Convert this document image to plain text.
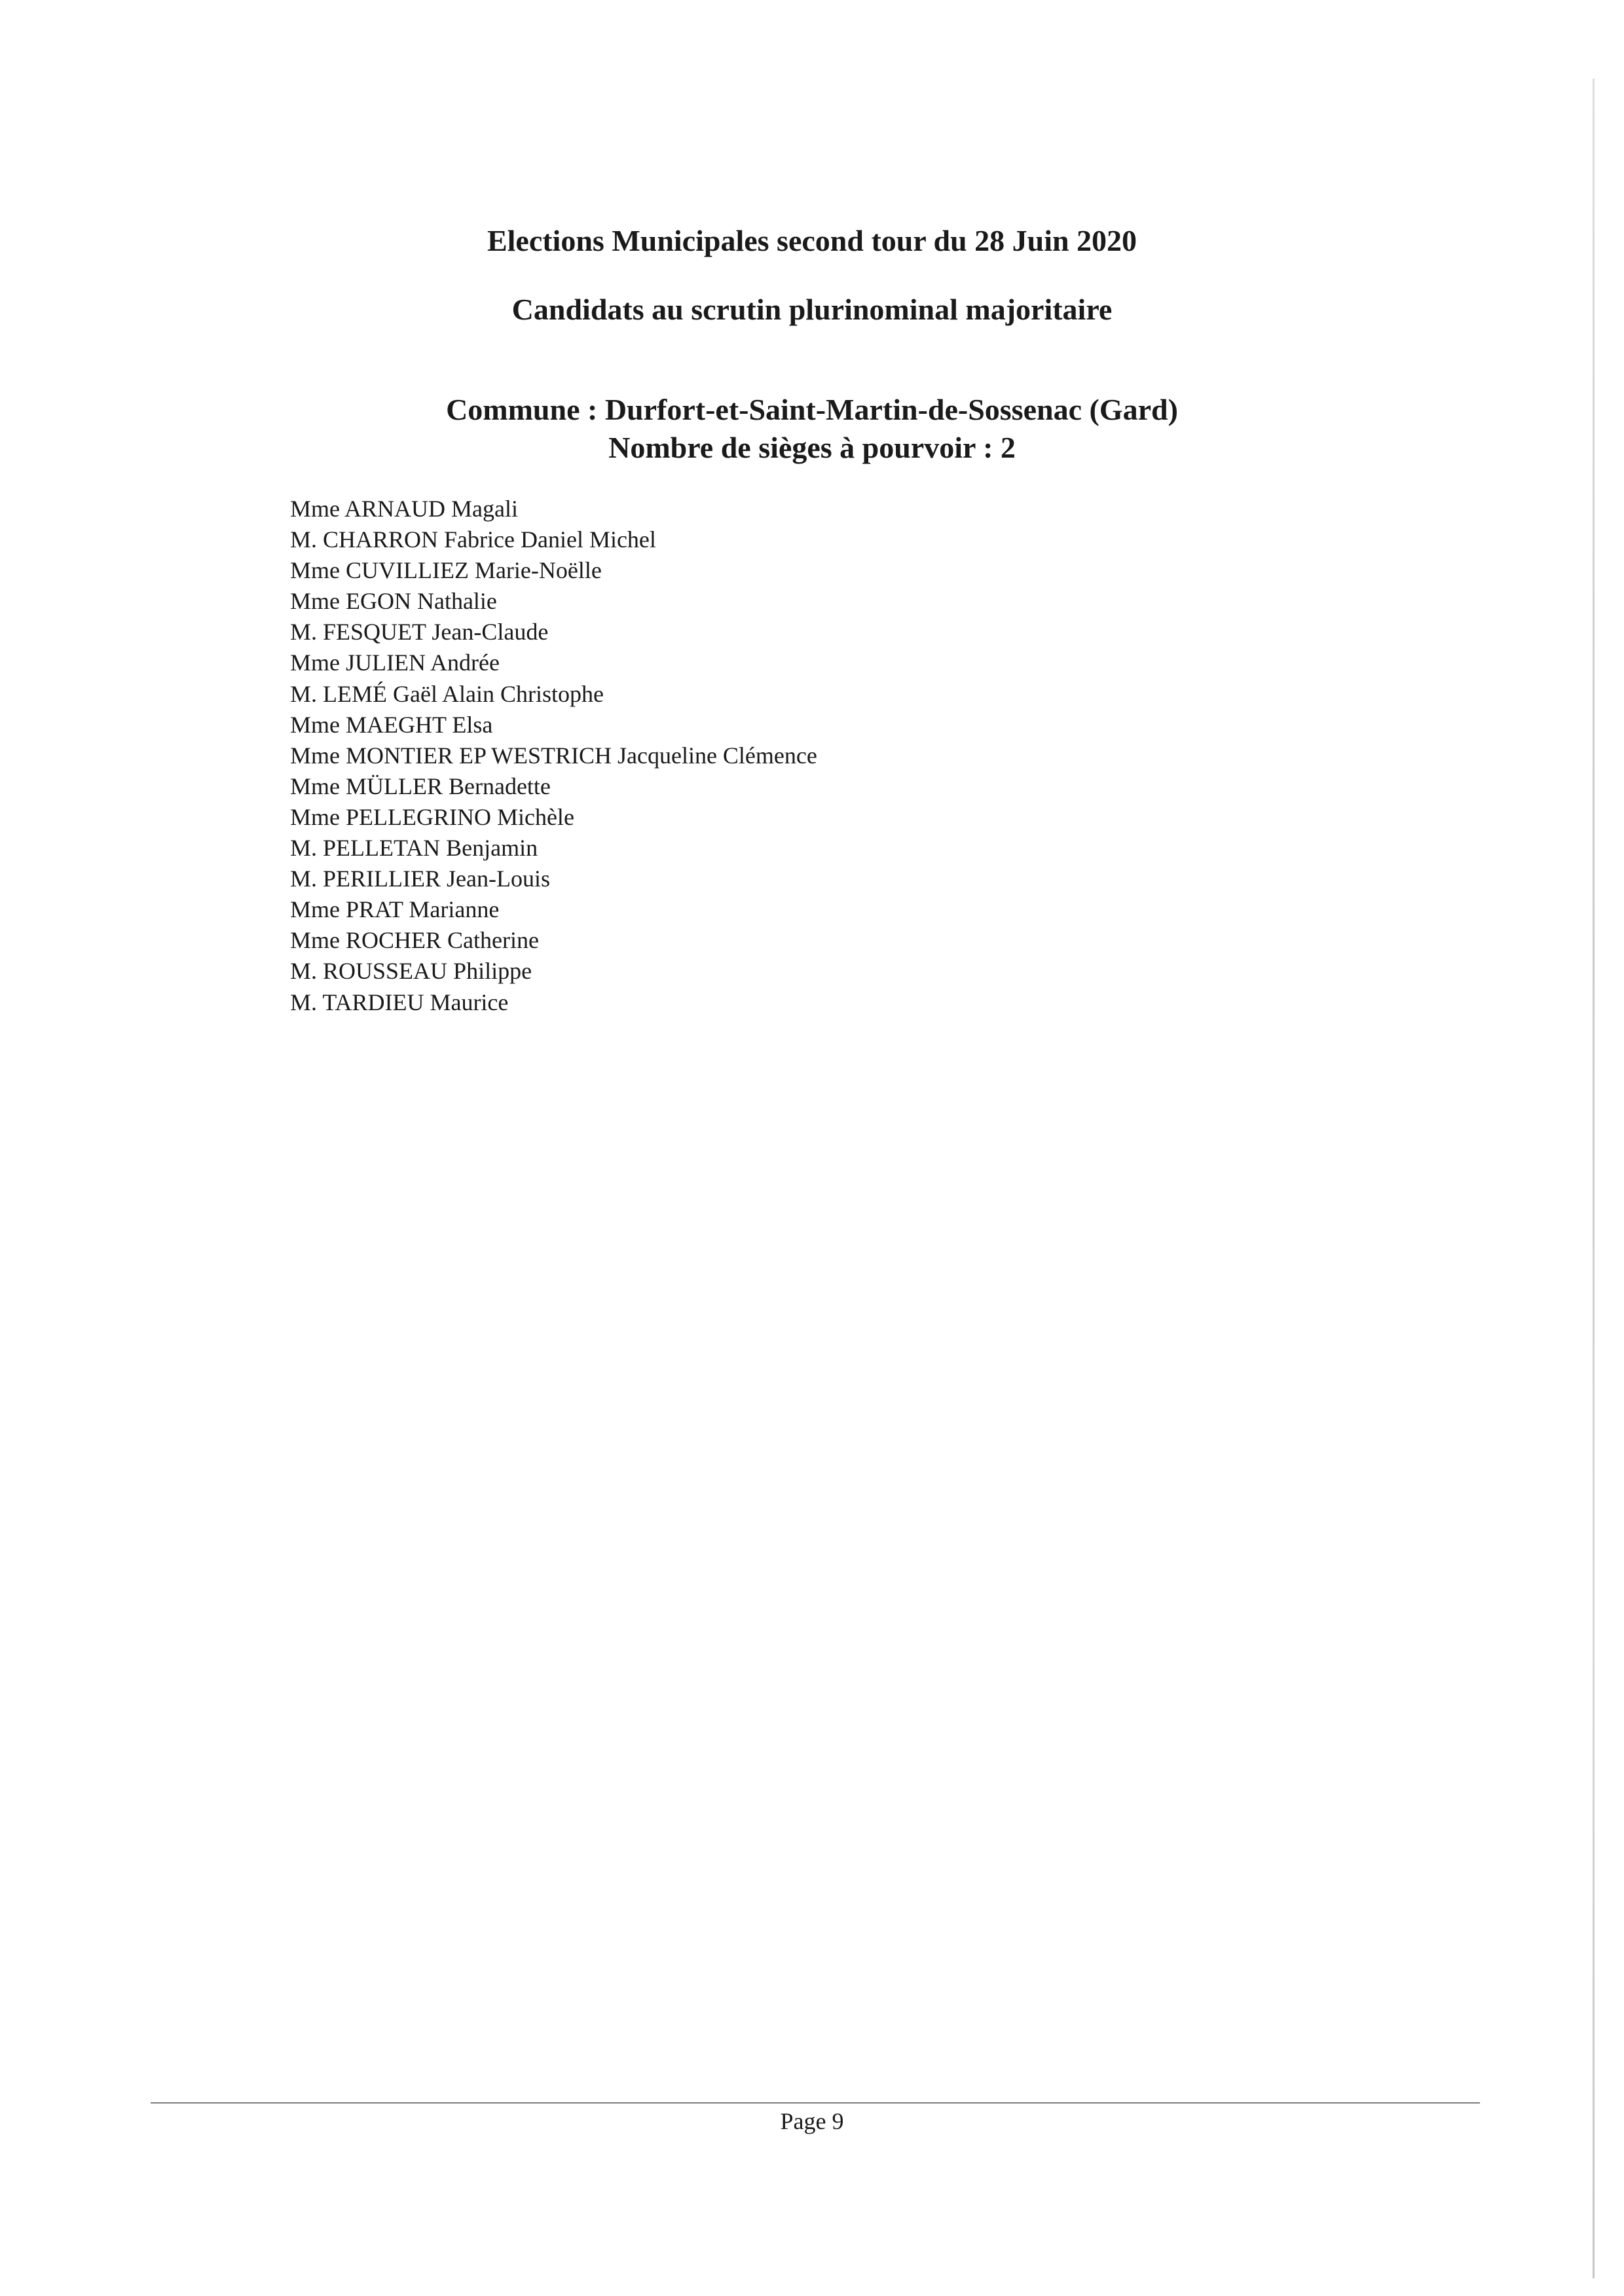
Elections Municipales second tour du 28 Juin 2020
Candidats au scrutin plurinominal majoritaire
Commune : Durfort-et-Saint-Martin-de-Sossenac (Gard)
Nombre de sièges à pourvoir : 2
Mme ARNAUD Magali
M. CHARRON Fabrice Daniel Michel
Mme CUVILLIEZ Marie-Noëlle
Mme EGON Nathalie
M. FESQUET Jean-Claude
Mme JULIEN Andrée
M. LEMÉ Gaël Alain Christophe
Mme MAEGHT Elsa
Mme MONTIER EP WESTRICH Jacqueline Clémence
Mme MÜLLER Bernadette
Mme PELLEGRINO Michèle
M. PELLETAN Benjamin
M. PERILLIER Jean-Louis
Mme PRAT Marianne
Mme ROCHER Catherine
M. ROUSSEAU Philippe
M. TARDIEU Maurice
Page 9
